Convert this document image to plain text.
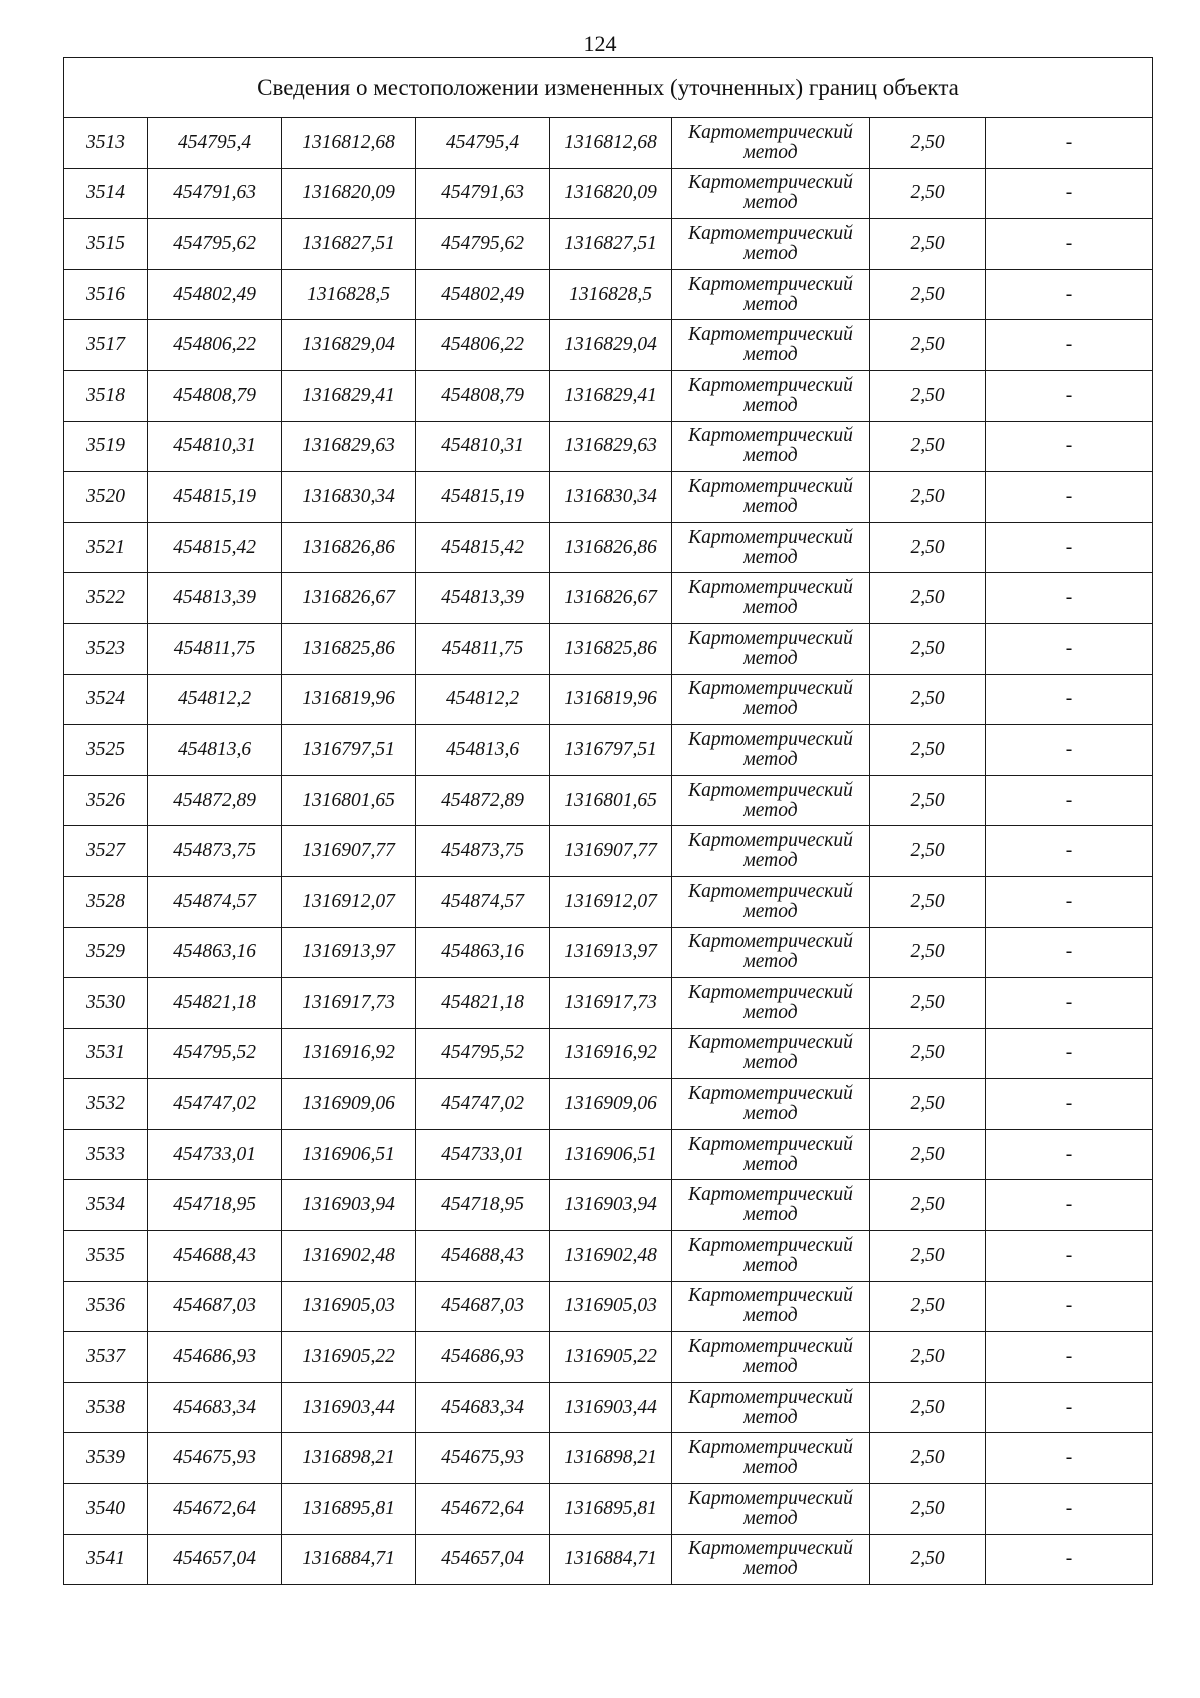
124
Сведения о местоположении измененных (уточненных) границ объекта							
3513	454795,4	1316812,68	454795,4	1316812,68	Картометрический
метод	2,50	-
3514	454791,63	1316820,09	454791,63	1316820,09	Картометрический
метод	2,50	-
3515	454795,62	1316827,51	454795,62	1316827,51	Картометрический
метод	2,50	-
3516	454802,49	1316828,5	454802,49	1316828,5	Картометрический
метод	2,50	-
3517	454806,22	1316829,04	454806,22	1316829,04	Картометрический
метод	2,50	-
3518	454808,79	1316829,41	454808,79	1316829,41	Картометрический
метод	2,50	-
3519	454810,31	1316829,63	454810,31	1316829,63	Картометрический
метод	2,50	-
3520	454815,19	1316830,34	454815,19	1316830,34	Картометрический
метод	2,50	-
3521	454815,42	1316826,86	454815,42	1316826,86	Картометрический
метод	2,50	-
3522	454813,39	1316826,67	454813,39	1316826,67	Картометрический
метод	2,50	-
3523	454811,75	1316825,86	454811,75	1316825,86	Картометрический
метод	2,50	-
3524	454812,2	1316819,96	454812,2	1316819,96	Картометрический
метод	2,50	-
3525	454813,6	1316797,51	454813,6	1316797,51	Картометрический
метод	2,50	-
3526	454872,89	1316801,65	454872,89	1316801,65	Картометрический
метод	2,50	-
3527	454873,75	1316907,77	454873,75	1316907,77	Картометрический
метод	2,50	-
3528	454874,57	1316912,07	454874,57	1316912,07	Картометрический
метод	2,50	-
3529	454863,16	1316913,97	454863,16	1316913,97	Картометрический
метод	2,50	-
3530	454821,18	1316917,73	454821,18	1316917,73	Картометрический
метод	2,50	-
3531	454795,52	1316916,92	454795,52	1316916,92	Картометрический
метод	2,50	-
3532	454747,02	1316909,06	454747,02	1316909,06	Картометрический
метод	2,50	-
3533	454733,01	1316906,51	454733,01	1316906,51	Картометрический
метод	2,50	-
3534	454718,95	1316903,94	454718,95	1316903,94	Картометрический
метод	2,50	-
3535	454688,43	1316902,48	454688,43	1316902,48	Картометрический
метод	2,50	-
3536	454687,03	1316905,03	454687,03	1316905,03	Картометрический
метод	2,50	-
3537	454686,93	1316905,22	454686,93	1316905,22	Картометрический
метод	2,50	-
3538	454683,34	1316903,44	454683,34	1316903,44	Картометрический
метод	2,50	-
3539	454675,93	1316898,21	454675,93	1316898,21	Картометрический
метод	2,50	-
3540	454672,64	1316895,81	454672,64	1316895,81	Картометрический
метод	2,50	-
3541	454657,04	1316884,71	454657,04	1316884,71	Картометрический
метод	2,50	-
